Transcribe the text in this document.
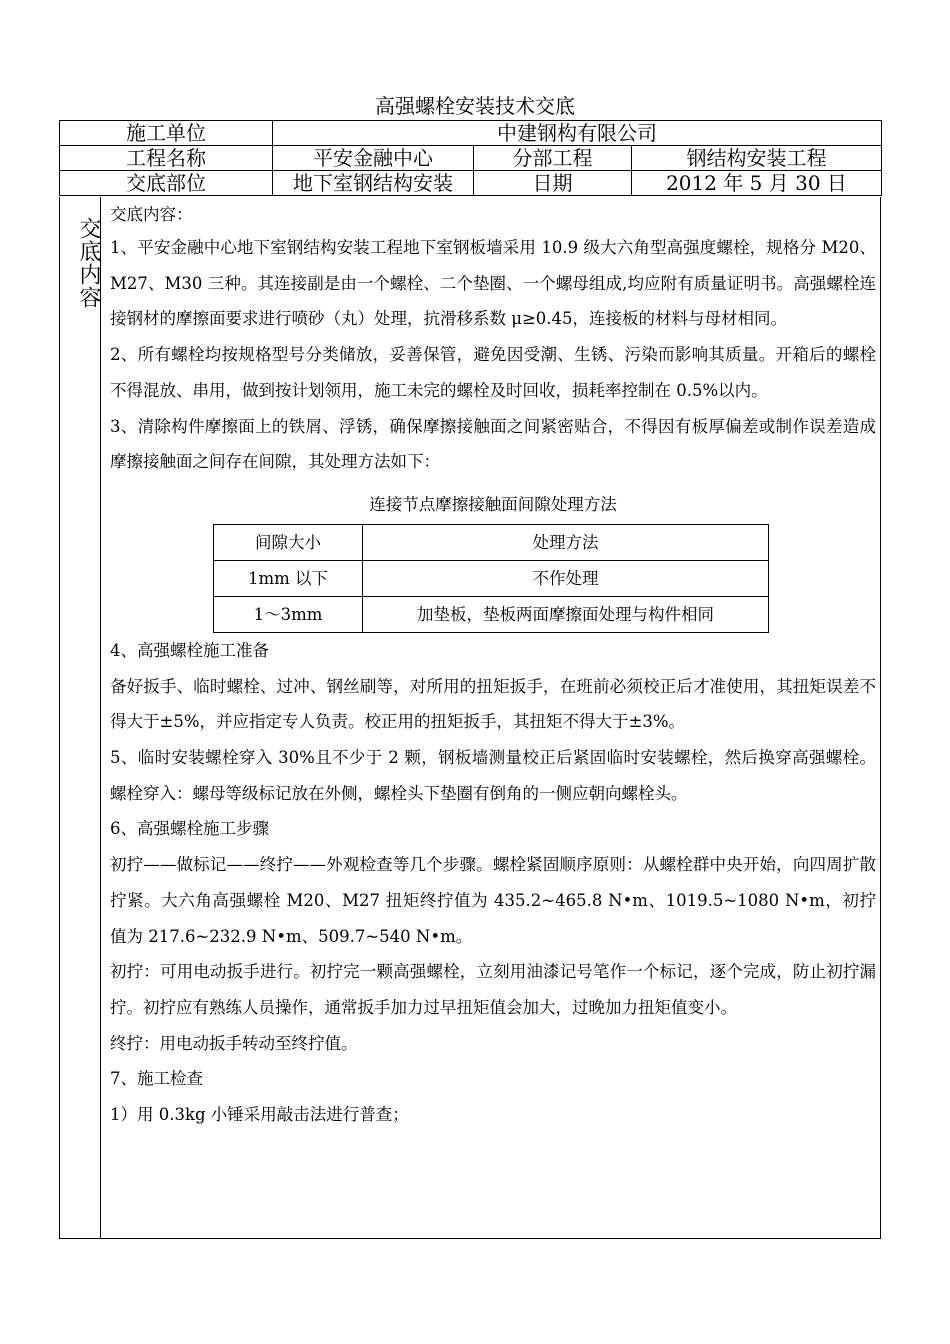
高强螺栓安装技术交底
施工单位	中建钢构有限公司		
工程名称	平安金融中心	分部工程	钢结构安装工程
交底部位	地下室钢结构安装	日期	2012 年 5 月 30 日
交底内容

交底内容：

1、平安金融中心地下室钢结构安装工程地下室钢板墙采用 10.9 级大六角型高强度螺栓，规格分 M20、 M27、M30 三种。其连接副是由一个螺栓、二个垫圈、一个螺母组成,均应附有质量证明书。高强螺栓连接钢材的摩擦面要求进行喷砂（丸）处理，抗滑移系数 μ≥0.45，连接板的材料与母材相同。

2、所有螺栓均按规格型号分类储放，妥善保管，避免因受潮、生锈、污染而影响其质量。开箱后的螺栓不得混放、串用，做到按计划领用，施工未完的螺栓及时回收，损耗率控制在 0.5%以内。

3、清除构件摩擦面上的铁屑、浮锈，确保摩擦接触面之间紧密贴合，不得因有板厚偏差或制作误差造成摩擦接触面之间存在间隙，其处理方法如下：

连接节点摩擦接触面间隙处理方法
间隙大小	处理方法
1mm 以下	不作处理
1～3mm	加垫板，垫板两面摩擦面处理与构件相同

4、高强螺栓施工准备

备好扳手、临时螺栓、过冲、钢丝刷等，对所用的扭矩扳手，在班前必须校正后才准使用，其扭矩误差不得大于±5%，并应指定专人负责。校正用的扭矩扳手，其扭矩不得大于±3%。

5、临时安装螺栓穿入 30%且不少于 2 颗，钢板墙测量校正后紧固临时安装螺栓，然后换穿高强螺栓。螺栓穿入：螺母等级标记放在外侧，螺栓头下垫圈有倒角的一侧应朝向螺栓头。

6、高强螺栓施工步骤

初拧——做标记——终拧——外观检查等几个步骤。螺栓紧固顺序原则：从螺栓群中央开始，向四周扩散拧紧。大六角高强螺栓 M20、M27 扭矩终拧值为 435.2~465.8 N•m、1019.5~1080 N•m，初拧值为 217.6~232.9 N•m、509.7~540 N•m。

初拧：可用电动扳手进行。初拧完一颗高强螺栓，立刻用油漆记号笔作一个标记，逐个完成，防止初拧漏拧。初拧应有熟练人员操作，通常扳手加力过早扭矩值会加大，过晚加力扭矩值变小。

终拧：用电动扳手转动至终拧值。

7、施工检查

1）用 0.3kg 小锤采用敲击法进行普查；
